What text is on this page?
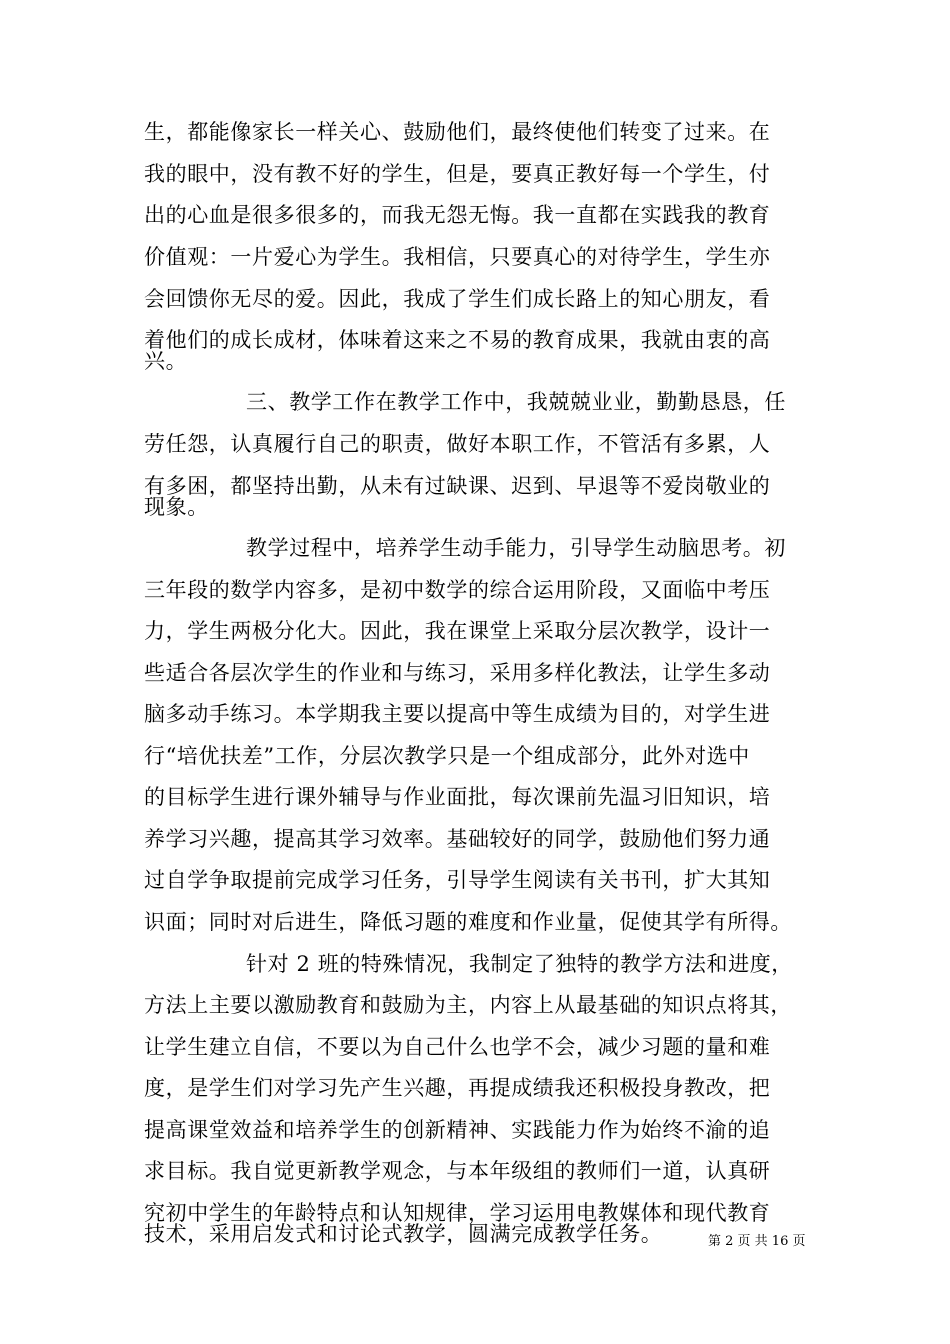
生，都能像家长一样关心、鼓励他们，最终使他们转变了过来。在
我的眼中，没有教不好的学生，但是，要真正教好每一个学生，付
出的心血是很多很多的，而我无怨无悔。我一直都在实践我的教育
价值观：一片爱心为学生。我相信，只要真心的对待学生，学生亦
会回馈你无尽的爱。因此，我成了学生们成长路上的知心朋友，看
着他们的成长成材，体味着这来之不易的教育成果，我就由衷的高
兴。
三、教学工作在教学工作中，我兢兢业业，勤勤恳恳，任
劳任怨，认真履行自己的职责，做好本职工作，不管活有多累，人
有多困，都坚持出勤，从未有过缺课、迟到、早退等不爱岗敬业的
现象。
教学过程中，培养学生动手能力，引导学生动脑思考。初
三年段的数学内容多，是初中数学的综合运用阶段，又面临中考压
力，学生两极分化大。因此，我在课堂上采取分层次教学，设计一
些适合各层次学生的作业和与练习，采用多样化教法，让学生多动
脑多动手练习。本学期我主要以提高中等生成绩为目的，对学生进
行“培优扶差”工作，分层次教学只是一个组成部分，此外对选中
的目标学生进行课外辅导与作业面批，每次课前先温习旧知识，培
养学习兴趣，提高其学习效率。基础较好的同学，鼓励他们努力通
过自学争取提前完成学习任务，引导学生阅读有关书刊，扩大其知
识面；同时对后进生，降低习题的难度和作业量，促使其学有所得。
针对 2 班的特殊情况，我制定了独特的教学方法和进度，
方法上主要以激励教育和鼓励为主，内容上从最基础的知识点将其，
让学生建立自信，不要以为自己什么也学不会，减少习题的量和难
度，是学生们对学习先产生兴趣，再提成绩我还积极投身教改，把
提高课堂效益和培养学生的创新精神、实践能力作为始终不渝的追
求目标。我自觉更新教学观念，与本年级组的教师们一道，认真研
究初中学生的年龄特点和认知规律，学习运用电教媒体和现代教育
技术，采用启发式和讨论式教学，圆满完成教学任务。	第 2 页 共 16 页
